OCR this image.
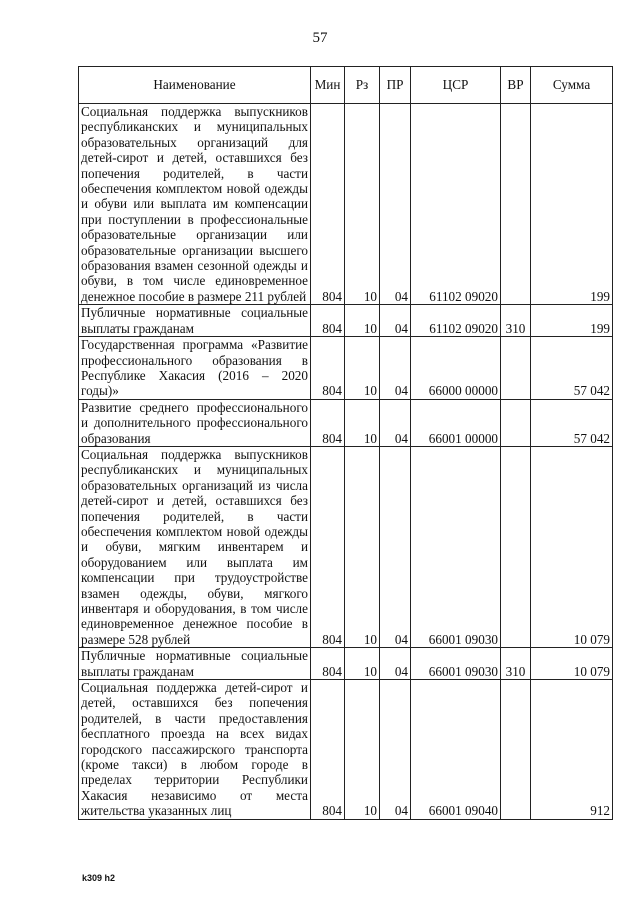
57
Наименование	Мин	Рз	ПР	ЦСР	ВР	Сумма
Социальная поддержка выпускников республиканских и муниципальных образовательных организаций для детей-сирот и детей, оставшихся без попечения родителей, в части обеспечения комплектом новой одежды и обуви или выплата им компенсации при поступлении в профессиональные образовательные организации или образовательные организации высшего образования взамен сезонной одежды и обуви, в том числе единовременное денежное пособие в размере 211 рублей	804	10	04	61102 09020		199
Публичные нормативные социальные выплаты гражданам	804	10	04	61102 09020	310	199
Государственная программа «Развитие профессионального образования в Республике Хакасия (2016 – 2020 годы)»	804	10	04	66000 00000		57 042
Развитие среднего профессионального и дополнительного профессионального образования	804	10	04	66001 00000		57 042
Социальная поддержка выпускников республиканских и муниципальных образовательных организаций из числа детей-сирот и детей, оставшихся без попечения родителей, в части обеспечения комплектом новой одежды и обуви, мягким инвентарем и оборудованием или выплата им компенсации при трудоустройстве взамен одежды, обуви, мягкого инвентаря и оборудования, в том числе единовременное денежное пособие в размере 528 рублей	804	10	04	66001 09030		10 079
Публичные нормативные социальные выплаты гражданам	804	10	04	66001 09030	310	10 079
Социальная поддержка детей-сирот и детей, оставшихся без попечения родителей, в части предоставления бесплатного проезда на всех видах городского пассажирского транспорта (кроме такси) в любом городе в пределах территории Республики Хакасия независимо от места жительства указанных лиц	804	10	04	66001 09040		912
k309 h2
